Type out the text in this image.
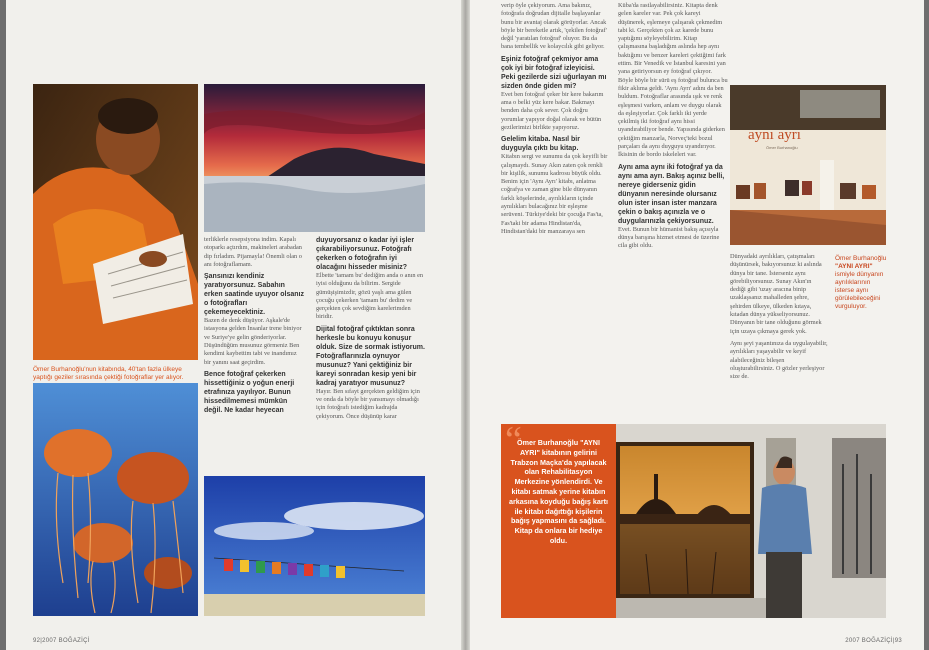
Ömer Burhanoğlu'nun kitabında, 40'tan fazla ülkeye yaptığı geziler sırasında çektiği fotoğraflar yer alıyor.

terliklerle resepsiyona indim. Kapalı otoparkı açtırdım, makineleri arabadan dip fırladım. Pijamayla! Önemli olan o anı fotoğraflamam.

Şansınızı kendiniz yaratıyorsunuz. Sabahın erken saatinde uyuyor olsanız o fotoğrafları çekemeyecektiniz.

Bazen de denk düşüyor. Aşkale'de istasyona gelden İnsanlar trene biniyor ve Suriye'ye gelin gönderiyorlar. Düşündüğüm musunuz görmeniz Ben kendimi kaybettim tabi ve inandımız bir yanını saat geçirdim.

Bence fotoğraf çekerken hissettiğiniz o yoğun enerji etrafınıza yayılıyor. Bunun hissedilmemesi mümkün değil. Ne kadar heyecan

duyuyorsanız o kadar iyi işler çıkarabiliyorsunuz. Fotoğrafı çekerken o fotoğrafın iyi olacağını hisseder misiniz?

Elbette 'tamam bu' dediğim anda o anın en iyisi olduğunu da bilirim. Sergide gümüşişimizdir, gözü yaşlı ama gülen çocuğu çekerken 'tamam bu' dedim ve gerçekten çok sevdiğim karelerimden biridir.

Dijital fotoğraf çıktıktan sonra herkesle bu konuyu konuşur olduk. Size de sormak istiyorum. Fotoğraflarınızla oynuyor musunuz? Yani çektiğiniz bir kareyi sonradan kesip yeni bir kadraj yaratıyor musunuz?

Hayır. Ben sıfayt gerçekten geldiğim için ve onda da böyle bir yansımayı olmadığı için fotoğrafı istediğim kadrajda çekiyorum. Önce düşünüp karar

92|2007 BOĞAZİÇİ

verip öyle çekiyorum. Ama bakınız, fotoğrafa doğrudan dijitalle başlayanlar bunu bir avantaj olarak görüyorlar. Ancak böyle bir bereketle artık, 'çekilen fotoğraf' değil 'yaratılan fotoğraf' oluyor. Bu da bana tembellik ve kolaycılık gibi geliyor.

Eşiniz fotoğraf çekmiyor ama çok iyi bir fotoğraf izleyicisi. Peki gezilerde sizi uğurlayan mı sizden önde giden mi?

Evet ben fotoğraf çeker bir kere bakarım ama o belki yüz kere bakar. Bakmayı benden daha çok sever. Çok doğru yorumlar yapıyor doğal olarak ve bütün gezilerimizi birlikte yapıyoruz.

Gelelim kitaba. Nasıl bir duyguyla çıktı bu kitap.

Kitabın sergi ve sunumu da çok keyifli bir çalışmaydı. Sunay Akın zaten çok renkli bir kişilik, sunumu kadrosu büyük oldu. Benim için 'Aynı Ayrı' kitabı, anlatma coğrafya ve zaman gine bile dünyanın farklı köşelerinde, ayrılıkların içinde aynılıkları bulacağınız bir eşleşme serüveni. Türkiye'deki bir çocuğa Fas'ta, Fas'taki bir adama Hindistan'da, Hindistan'daki bir manzaraya sen

Küba'da rastlayabilirsiniz. Kitapta denk gelen kareler var. Pek çok kareyi düşünerek, eşlemeye çalışarak çekmedim tabi ki. Gerçekten çok az karede bunu yaptığımı söyleyebilirim. Kitap çalışmasına başladığım aslında hep aynı baktığımı ve benzer kareleri çektiğimi fark ettim. Bir Venedik ve İstanbul karesini yan yana getiriyorsun ey fotoğraf çıkıyor. Böyle böyle bir sürü eş fotoğraf bulunca bu fikir aklıma geldi. 'Aynı Ayrı' adını da ben buldum. Fotoğraflar arasında ışık ve renk eşleşmesi varken, anlam ve duygu olarak da eşleşiyorlar. Çok farklı iki yerde çekilmiş iki fotoğraf aynı hissi uyandırabiliyor bende. Yapısında giderken çektiğim manzarla, Norveç'teki bozul parçaları da aynı duyguyu uyandırıyor. İkisinin de bordo iskeleleri var.

Aynı ama aynı iki fotoğraf ya da aynı ama ayrı. Bakış açınız belli, nereye giderseniz gidin dünyanın neresinde olursanız olun ister insan ister manzara çekin o bakış açınızla ve o duygularınızla çekiyorsunuz.

Evet. Bunun bir hümanist bakış açısıyla dünya barışına hizmet etmesi de üzerine cila gibi oldu.

aynı ayrı
Ömer Burhanoğlu

Dünyadaki ayrılıkları, çatışmaları düşünürsek, bakıyorsunuz ki aslında dünya bir tane. İsterseniz aynı görebiliyorsunuz. Sunay Akın'ın dediği gibi 'uzay aracına binip uzaklaşsanız mahalleden şehre, şehirden ülkeye, ülkeden kıtaya, kıtadan dünya yükseliyorsunuz. Dünyanın bir tane olduğunu görmek için uzaya çıkmaya gerek yok.

Aynı şeyi yaşantınıza da uygulayabilir, ayrılıkları yaşayabilir ve keyif alabileceğiniz bileşen oluşturabilirsiniz. O gözler yerleşiyor size de.

Ömer Burhanoğlu
"AYNI AYRI"
ismiyle dünyanın ayrılıklarının isterse aynı görülebileceğini vurguluyor.
“
Ömer Burhanoğlu "AYNI AYRI" kitabının gelirini Trabzon Maçka'da yapılacak olan Rehabilitasyon Merkezine yönlendirdi. Ve kitabı satmak yerine kitabın arkasına koyduğu bağış kartı ile kitabı dağıttığı kişilerin bağış yapmasını da sağladı. Kitap da onlara bir hediye oldu.
2007 BOĞAZİÇİ|93
